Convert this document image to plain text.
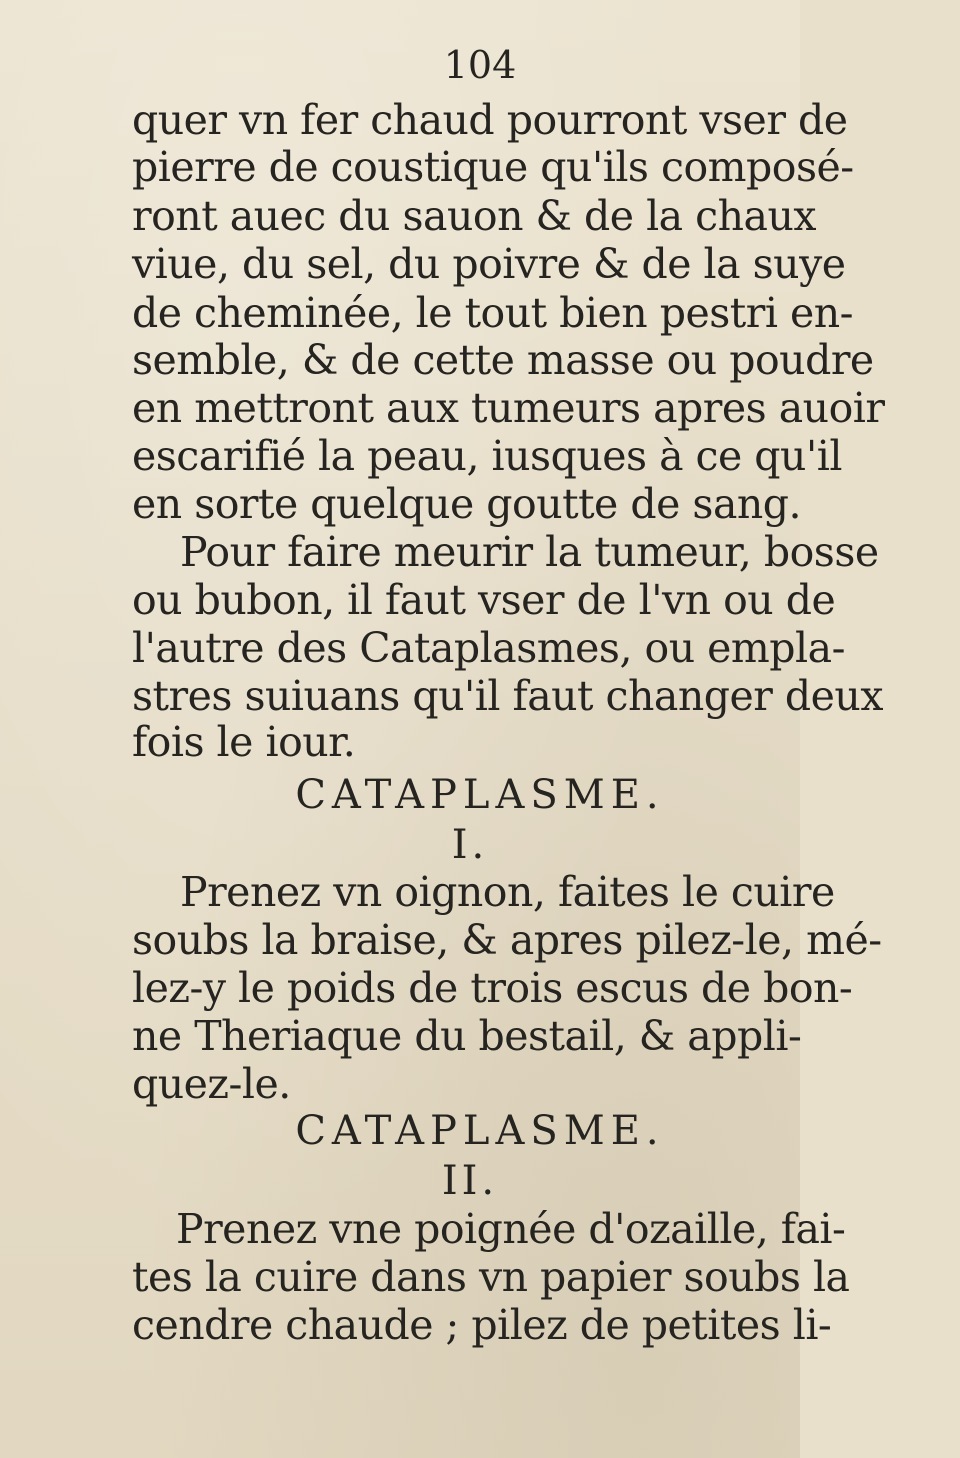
104
quer vn fer chaud pourront vser de
pierre de coustique qu'ils composé-
ront auec du sauon & de la chaux
viue, du sel, du poivre & de la suye
de cheminée, le tout bien pestri en-
semble, & de cette masse ou poudre
en mettront aux tumeurs apres auoir
escarifié la peau, iusques à ce qu'il
en sorte quelque goutte de sang.
Pour faire meurir la tumeur, bosse
ou bubon, il faut vser de l'vn ou de
l'autre des Cataplasmes, ou empla-
stres suiuans qu'il faut changer deux
fois le iour.
CATAPLASME.
I.
Prenez vn oignon, faites le cuire
soubs la braise, & apres pilez-le, mé-
lez-y le poids de trois escus de bon-
ne Theriaque du bestail, & appli-
quez-le.
CATAPLASME.
II.
Prenez vne poignée d'ozaille, fai-
tes la cuire dans vn papier soubs la
cendre chaude ; pilez de petites li-
